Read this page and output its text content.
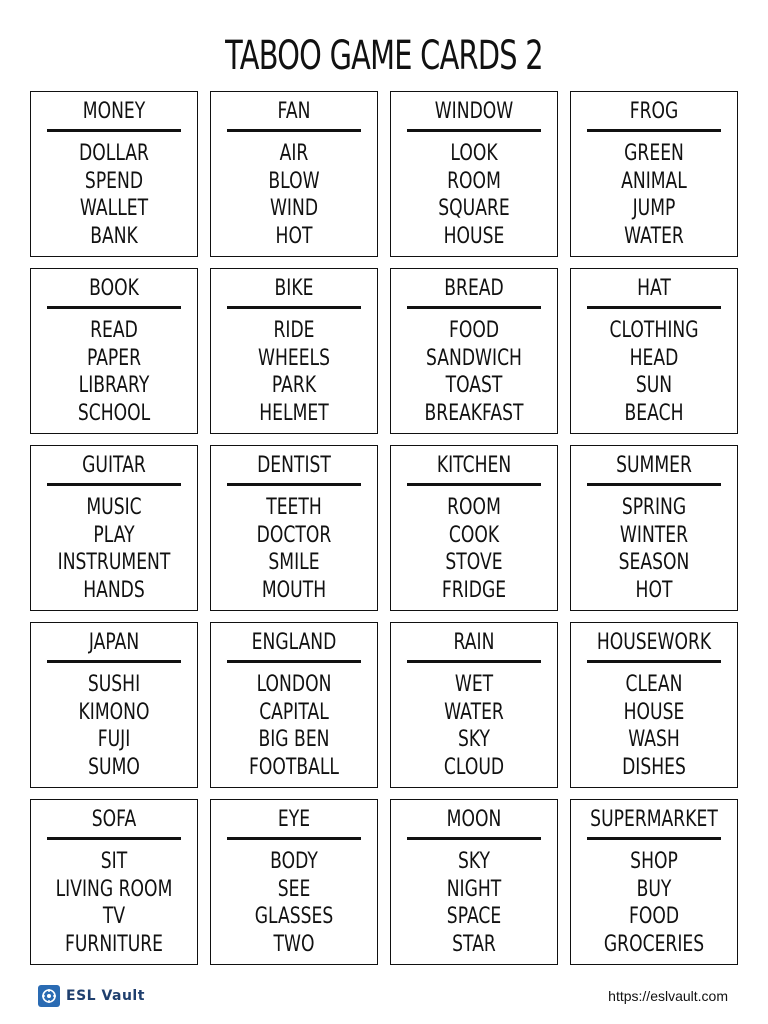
TABOO GAME CARDS 2
MONEY
DOLLAR
SPEND
WALLET
BANK
FAN
AIR
BLOW
WIND
HOT
WINDOW
LOOK
ROOM
SQUARE
HOUSE
FROG
GREEN
ANIMAL
JUMP
WATER
BOOK
READ
PAPER
LIBRARY
SCHOOL
BIKE
RIDE
WHEELS
PARK
HELMET
BREAD
FOOD
SANDWICH
TOAST
BREAKFAST
HAT
CLOTHING
HEAD
SUN
BEACH
GUITAR
MUSIC
PLAY
INSTRUMENT
HANDS
DENTIST
TEETH
DOCTOR
SMILE
MOUTH
KITCHEN
ROOM
COOK
STOVE
FRIDGE
SUMMER
SPRING
WINTER
SEASON
HOT
JAPAN
SUSHI
KIMONO
FUJI
SUMO
ENGLAND
LONDON
CAPITAL
BIG BEN
FOOTBALL
RAIN
WET
WATER
SKY
CLOUD
HOUSEWORK
CLEAN
HOUSE
WASH
DISHES
SOFA
SIT
LIVING ROOM
TV
FURNITURE
EYE
BODY
SEE
GLASSES
TWO
MOON
SKY
NIGHT
SPACE
STAR
SUPERMARKET
SHOP
BUY
FOOD
GROCERIES
ESL Vault	https://eslvault.com
